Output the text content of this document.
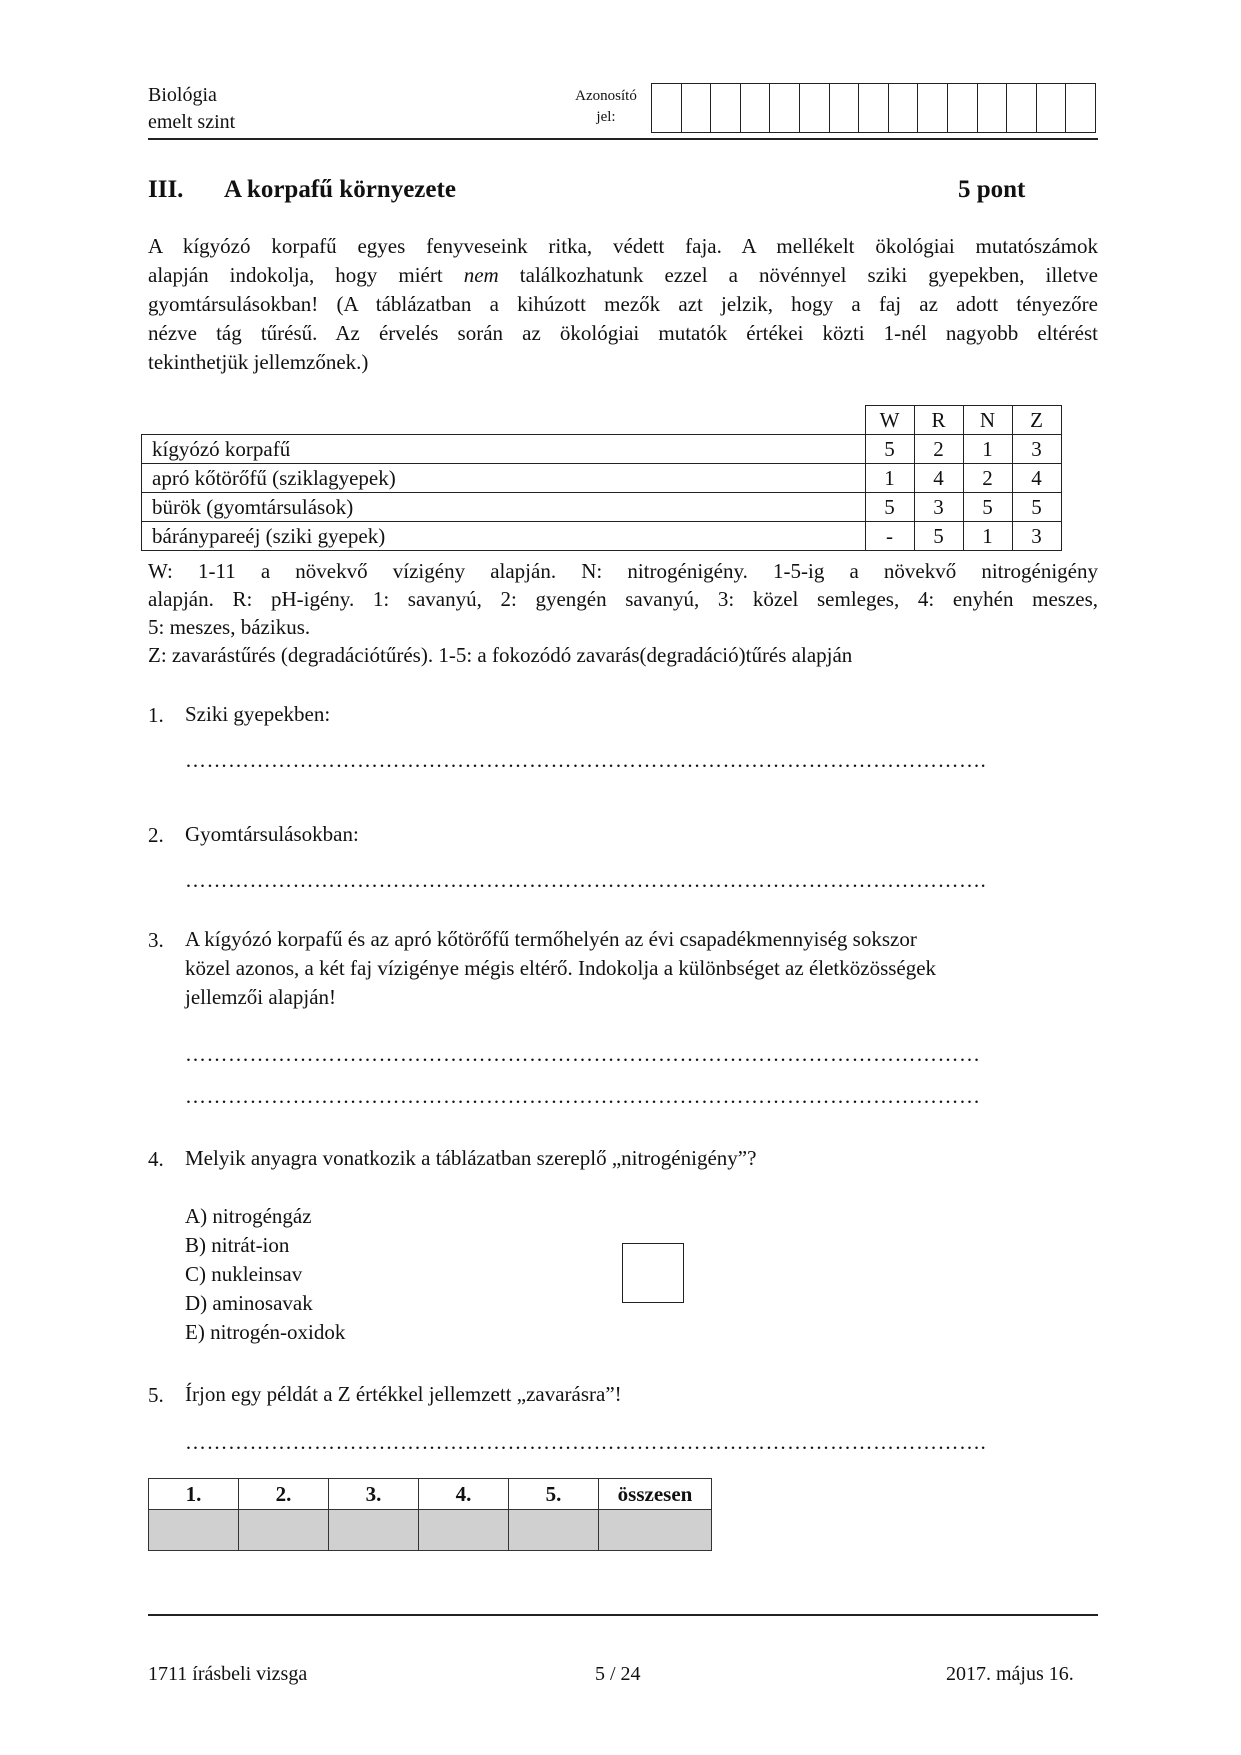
Biológia
emelt szint
Azonosító
jel:
III. A korpafű környezete	5 pont
A kígyózó korpafű egyes fenyveseink ritka, védett faja. A mellékelt ökológiai mutatószámok
alapján indokolja, hogy miért nem találkozhatunk ezzel a növénnyel sziki gyepekben, illetve
gyomtársulásokban! (A táblázatban a kihúzott mezők azt jelzik, hogy a faj az adott tényezőre
nézve tág tűrésű. Az érvelés során az ökológiai mutatók értékei közti 1-nél nagyobb eltérést
tekinthetjük jellemzőnek.)
	W	R	N	Z
kígyózó korpafű	5	2	1	3
apró kőtörőfű (sziklagyepek)	1	4	2	4
bürök (gyomtársulások)	5	3	5	5
báránypareéj (sziki gyepek)	-	5	1	3
W: 1-11 a növekvő vízigény alapján. N: nitrogénigény. 1-5-ig a növekvő nitrogénigény
alapján. R: pH-igény. 1: savanyú, 2: gyengén savanyú, 3: közel semleges, 4: enyhén meszes,
5: meszes, bázikus.
Z: zavarástűrés (degradációtűrés). 1-5: a fokozódó zavarás(degradáció)tűrés alapján
1. Sziki gyepekben:
………………………………………………………………………………………………….
2. Gyomtársulásokban:
………………………………………………………………………………………………….
3. A kígyózó korpafű és az apró kőtörőfű termőhelyén az évi csapadékmennyiség sokszor
közel azonos, a két faj vízigénye mégis eltérő. Indokolja a különbséget az életközösségek
jellemzői alapján!
…………………………………………………………………………………………………
…………………………………………………………………………………………………
4. Melyik anyagra vonatkozik a táblázatban szereplő „nitrogénigény”?
A) nitrogéngáz
B) nitrát-ion
C) nukleinsav
D) aminosavak
E) nitrogén-oxidok
5. Írjon egy példát a Z értékkel jellemzett „zavarásra”!
………………………………………………………………………………………………….
1.	2.	3.	4.	5.	összesen

1711 írásbeli vizsga	5 / 24	2017. május 16.
